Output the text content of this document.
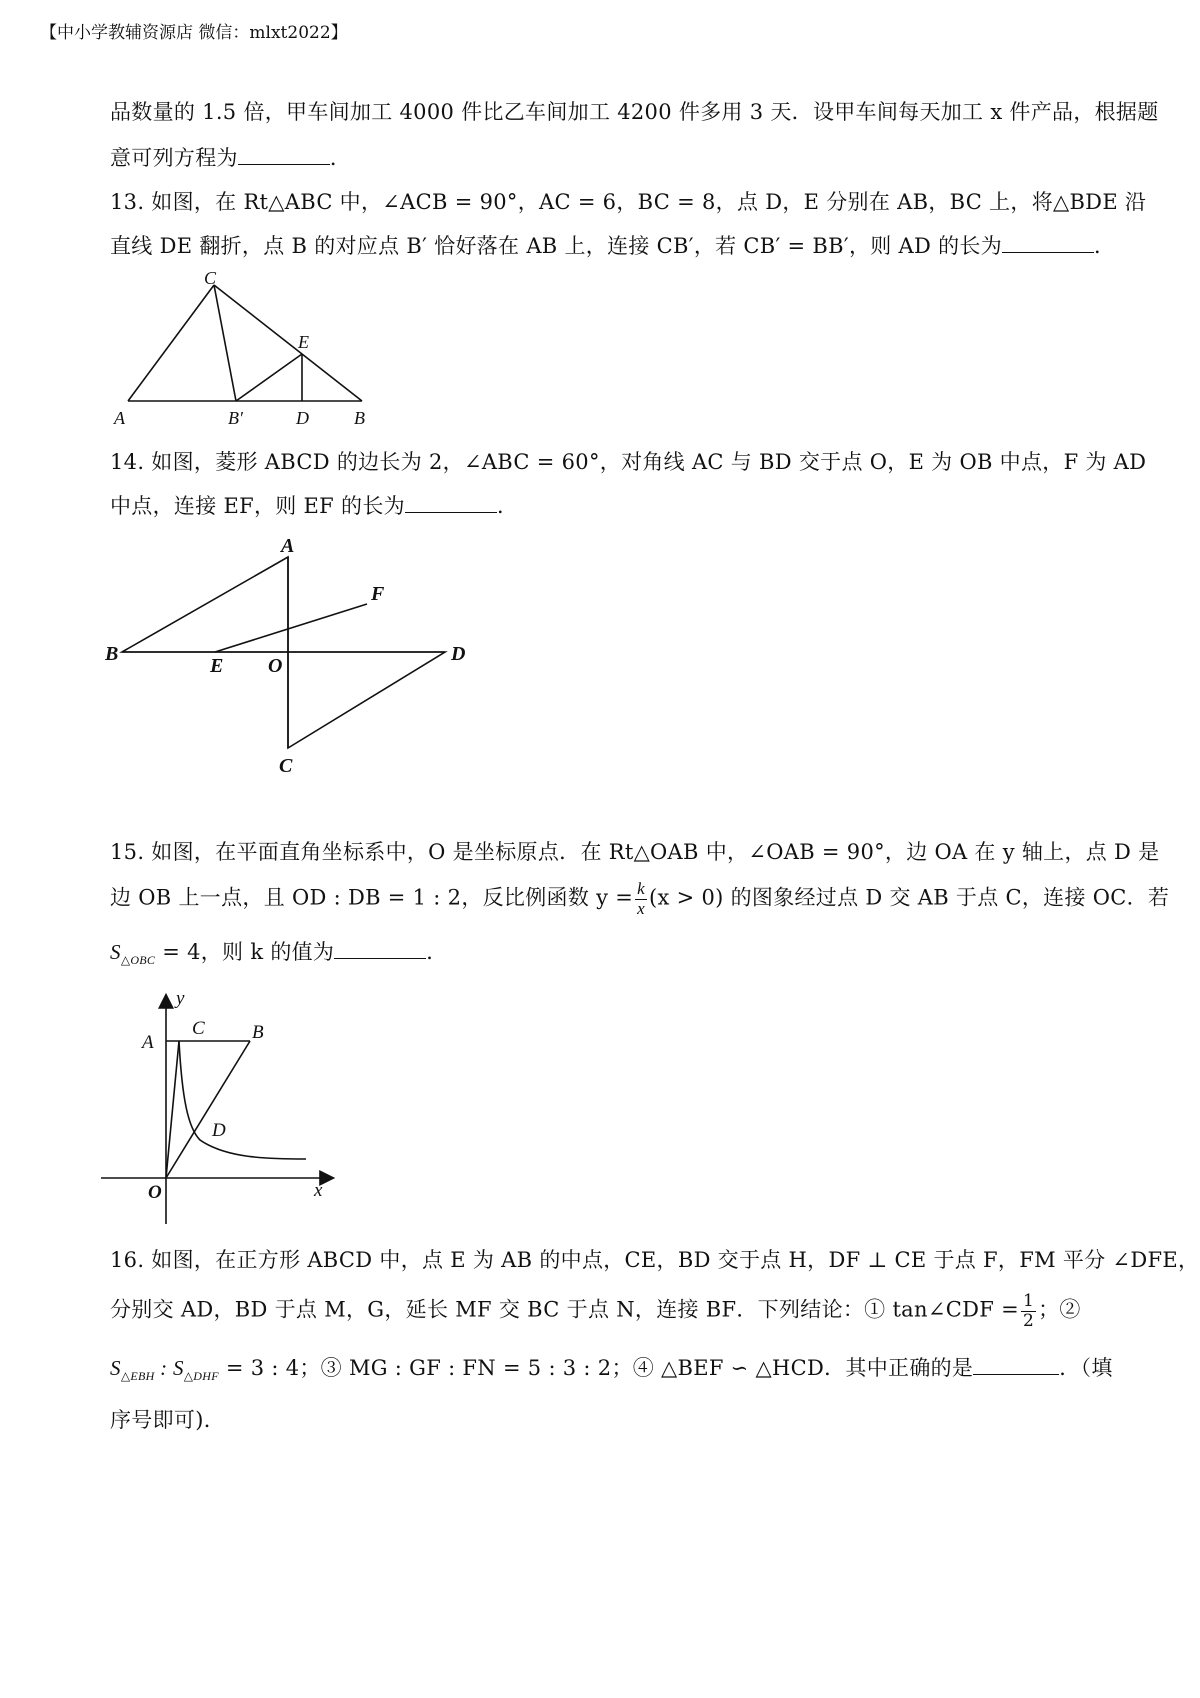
【中小学教辅资源店 微信：mlxt2022】
品数量的 1.5 倍，甲车间加工 4000 件比乙车间加工 4200 件多用 3 天．设甲车间每天加工 x 件产品，根据题
意可列方程为	．
13. 如图，在 Rt△ABC 中，∠ACB = 90°，AC = 6，BC = 8，点 D，E 分别在 AB，BC 上，将△BDE 沿
直线 DE 翻折，点 B 的对应点 B′ 恰好落在 AB 上，连接 CB′，若 CB′ = BB′，则 AD 的长为	．
A
C
B′	D	B
E
14. 如图，菱形 ABCD 的边长为 2，∠ABC = 60°，对角线 AC 与 BD 交于点 O，E 为 OB 中点，F 为 AD
中点，连接 EF，则 EF 的长为	．
A
B	D
C
E O
F
15. 如图，在平面直角坐标系中，O 是坐标原点．在 Rt△OAB 中，∠OAB = 90°，边 OA 在 y 轴上，点 D 是
边 OB 上一点，且 OD : DB = 1 : 2，反比例函数 $y = \frac{k}{x} (x > 0)$ 的图象经过点 D 交 AB 于点 C，连接 OC．若
$S_{\triangle OBC} = 4$，则 k 的值为	．
y
x
O
A
C B
D
16. 如图，在正方形 ABCD 中，点 E 为 AB 的中点，CE，BD 交于点 H，DF ⊥ CE 于点 F，FM 平分 ∠DFE，
分别交 AD，BD 于点 M，G，延长 MF 交 BC 于点 N，连接 BF．下列结论：① tan∠CDF = $\frac{1}{2}$ ；②
$S_{\triangle EBH}$ : $S_{\triangle DHF} = 3$ : 4；③ MG : GF : FN = 5 : 3 : 2；④ △BEF ∽ △HCD．其中正确的是	．（填
序号即可)．
